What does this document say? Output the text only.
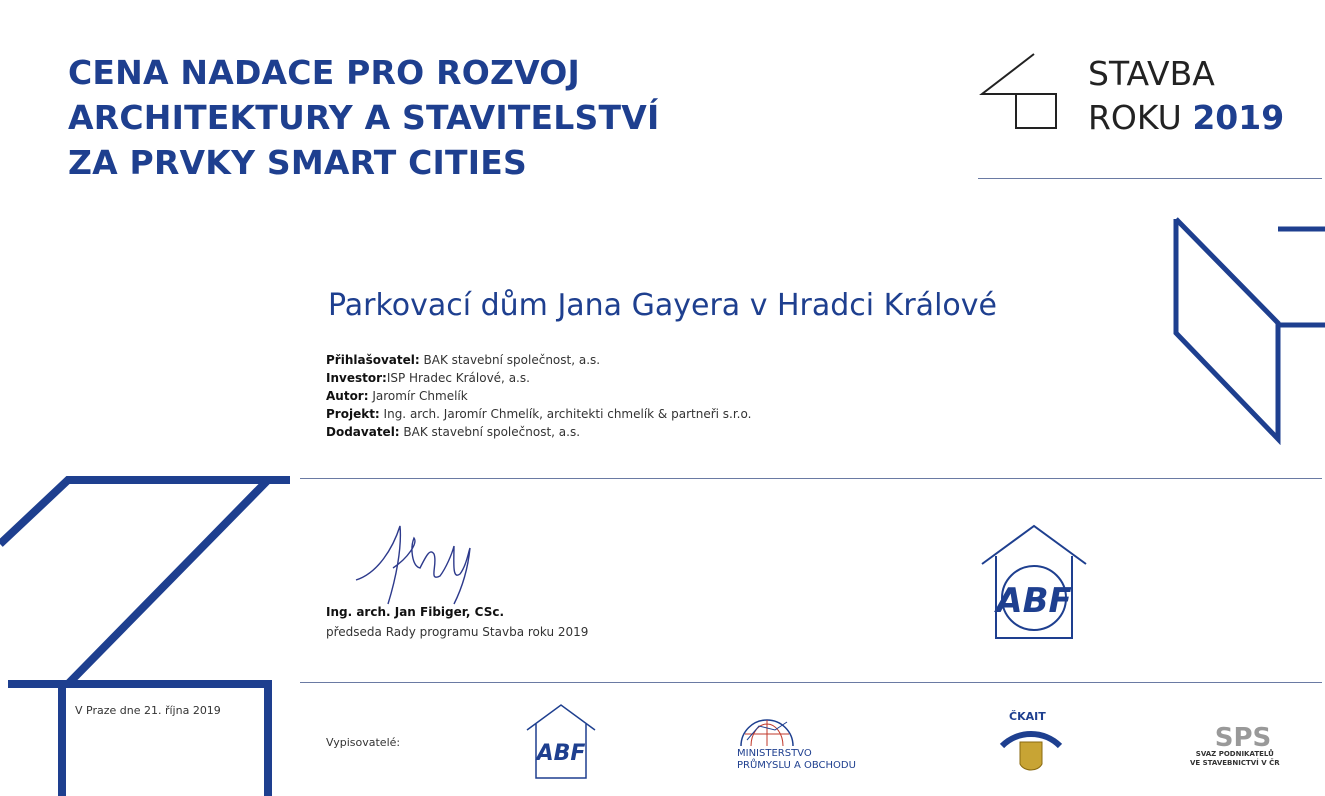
CENA NADACE PRO ROZVOJ
ARCHITEKTURY A STAVITELSTVÍ
ZA PRVKY SMART CITIES
STAVBA
ROKU 2019
Parkovací dům Jana Gayera v Hradci Králové
Přihlašovatel: BAK stavební společnost, a.s.
Investor:ISP Hradec Králové, a.s.
Autor: Jaromír Chmelík
Projekt: Ing. arch. Jaromír Chmelík, architekti chmelík & partneři s.r.o.
Dodavatel: BAK stavební společnost, a.s.
Ing. arch. Jan Fibiger, CSc.
předseda Rady programu Stavba roku 2019
ABF
V Praze dne 21. října 2019
Vypisovatelé:	ABF	MINISTERSTVO
PRŮMYSLU A OBCHODU
ČKAIT
SPS
SVAZ PODNIKATELŮ
VE STAVEBNICTVÍ V ČR
